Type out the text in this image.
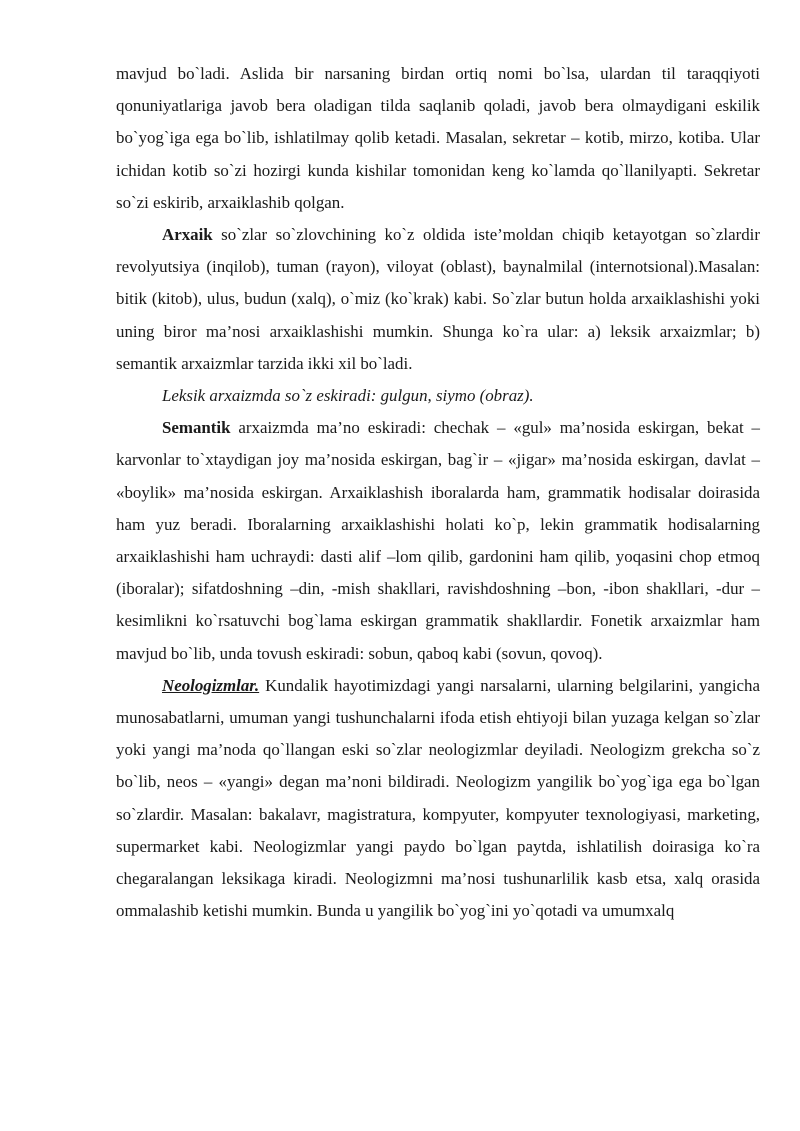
mavjud bo`ladi. Aslida bir narsaning birdan ortiq nomi bo`lsa, ulardan til taraqqiyoti qonuniyatlariga javob bera oladigan tilda saqlanib qoladi, javob bera olmaydigani eskilik bo`yog`iga ega bo`lib, ishlatilmay qolib ketadi. Masalan, sekretar – kotib, mirzo, kotiba. Ular ichidan kotib so`zi hozirgi kunda kishilar tomonidan keng ko`lamda qo`llanilyapti. Sekretar so`zi eskirib, arxaiklashib qolgan.

Arxaik so`zlar so`zlovchining ko`z oldida iste’moldan chiqib ketayotgan so`zlardir revolyutsiya (inqilob), tuman (rayon), viloyat (oblast), baynalmilal (internotsional).Masalan: bitik (kitob), ulus, budun (xalq), o`miz (ko`krak) kabi. So`zlar butun holda arxaiklashishi yoki uning biror ma’nosi arxaiklashishi mumkin. Shunga ko`ra ular: a) leksik arxaizmlar; b) semantik arxaizmlar tarzida ikki xil bo`ladi.

Leksik arxaizmda so`z eskiradi: gulgun, siymo (obraz).

Semantik arxaizmda ma’no eskiradi: chechak – «gul» ma’nosida eskirgan, bekat – karvonlar to`xtaydigan joy ma’nosida eskirgan, bag`ir – «jigar» ma’nosida eskirgan, davlat – «boylik» ma’nosida eskirgan. Arxaiklashish iboralarda ham, grammatik hodisalar doirasida ham yuz beradi. Iboralarning arxaiklashishi holati ko`p, lekin grammatik hodisalarning arxaiklashishi ham uchraydi: dasti alif –lom qilib, gardonini ham qilib, yoqasini chop etmoq (iboralar); sifatdoshning –din, -mish shakllari, ravishdoshning –bon, -ibon shakllari, -dur – kesimlikni ko`rsatuvchi bog`lama eskirgan grammatik shakllardir. Fonetik arxaizmlar ham mavjud bo`lib, unda tovush eskiradi: sobun, qaboq kabi (sovun, qovoq).

Neologizmlar. Kundalik hayotimizdagi yangi narsalarni, ularning belgilarini, yangicha munosabatlarni, umuman yangi tushunchalarni ifoda etish ehtiyoji bilan yuzaga kelgan so`zlar yoki yangi ma’noda qo`llangan eski so`zlar neologizmlar deyiladi. Neologizm grekcha so`z bo`lib, neos – «yangi» degan ma’noni bildiradi. Neologizm yangilik bo`yog`iga ega bo`lgan so`zlardir. Masalan: bakalavr, magistratura, kompyuter, kompyuter texnologiyasi, marketing, supermarket kabi. Neologizmlar yangi paydo bo`lgan paytda, ishlatilish doirasiga ko`ra chegaralangan leksikaga kiradi. Neologizmni ma’nosi tushunarlilik kasb etsa, xalq orasida ommalashib ketishi mumkin. Bunda u yangilik bo`yog`ini yo`qotadi va umumxalq
